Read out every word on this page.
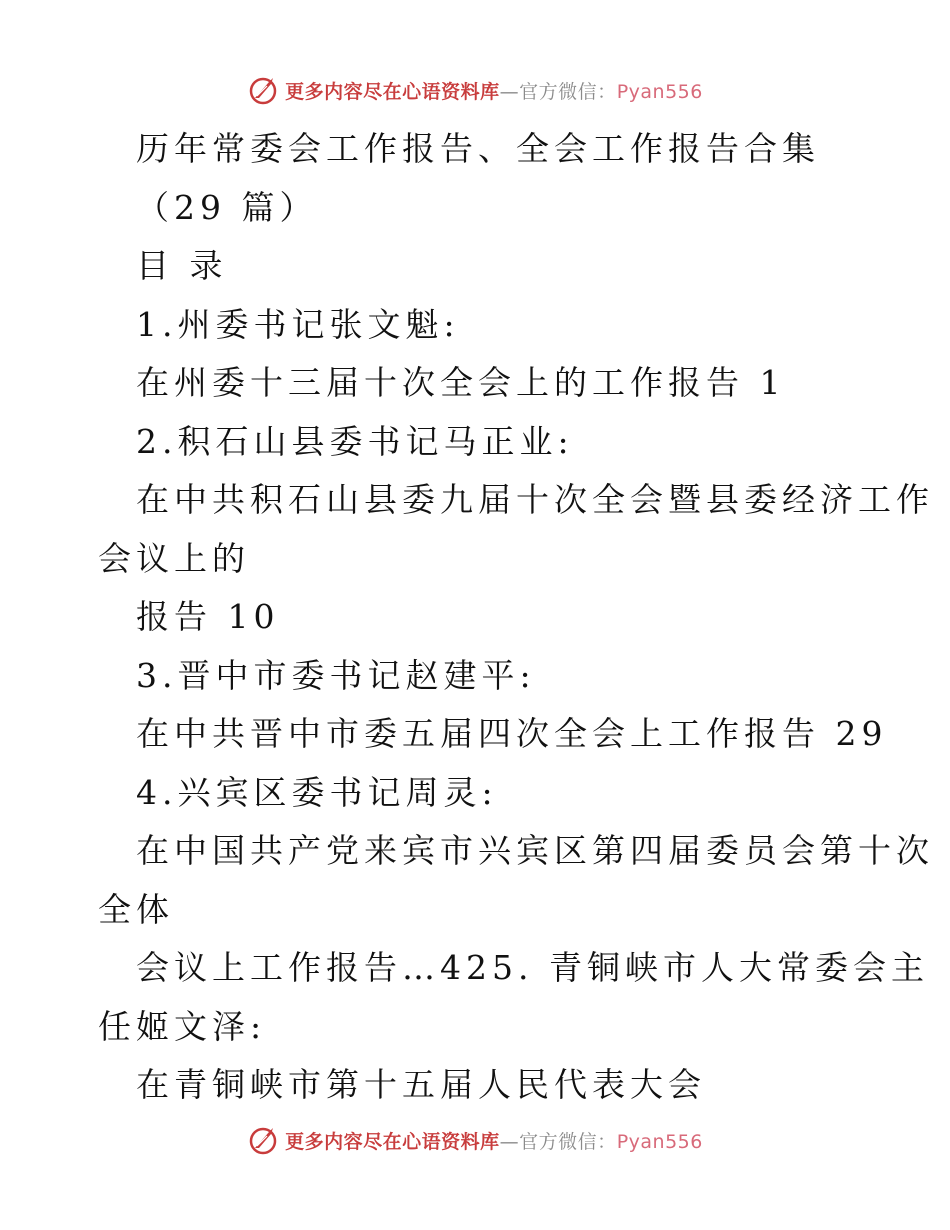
更多内容尽在心语资料库—官方微信：Pyan556
历年常委会工作报告、全会工作报告合集
（29 篇）
目 录
1.州委书记张文魁:
在州委十三届十次全会上的工作报告 1
2.积石山县委书记马正业:
在中共积石山县委九届十次全会暨县委经济工作
会议上的
报告 10
3.晋中市委书记赵建平:
在中共晋中市委五届四次全会上工作报告 29
4.兴宾区委书记周灵:
在中国共产党来宾市兴宾区第四届委员会第十次
全体
会议上工作报告…425. 青铜峡市人大常委会主
任姬文泽:
在青铜峡市第十五届人民代表大会
更多内容尽在心语资料库—官方微信：Pyan556
